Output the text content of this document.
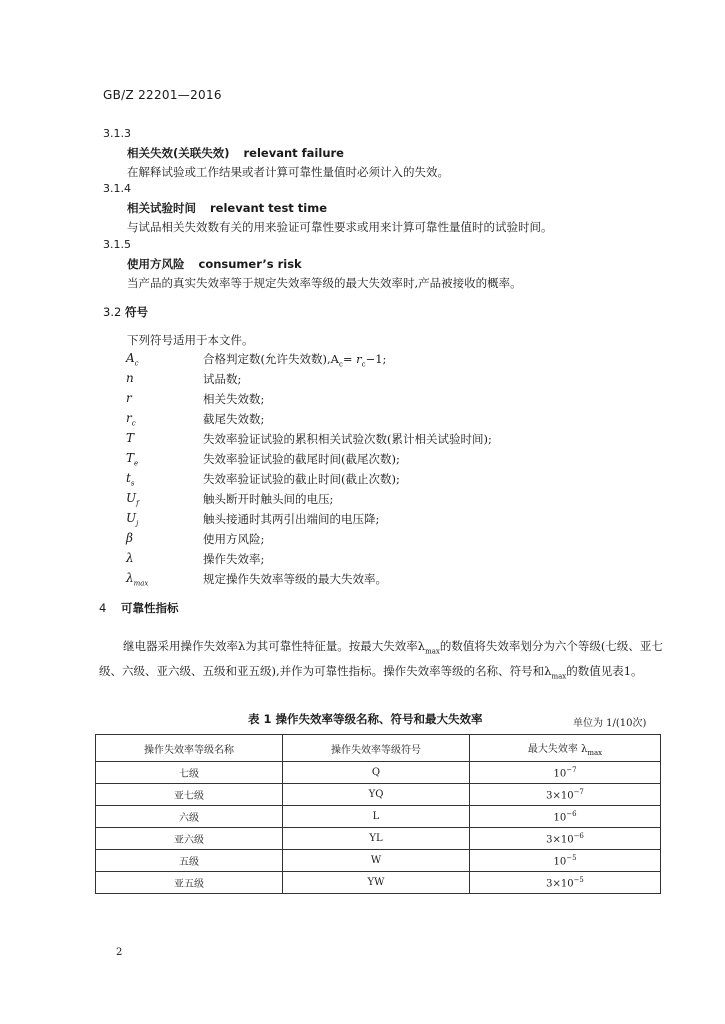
GB/Z 22201—2016
3.1.3
相关失效(关联失效) relevant failure
在解释试验或工作结果或者计算可靠性量值时必须计入的失效。
3.1.4
相关试验时间 relevant test time
与试品相关失效数有关的用来验证可靠性要求或用来计算可靠性量值时的试验时间。
3.1.5
使用方风险 consumer’s risk
当产品的真实失效率等于规定失效率等级的最大失效率时,产品被接收的概率。
3.2 符号
下列符号适用于本文件。
$A_c$	合格判定数(允许失效数)$,A_c= r_c-1$;
n	试品数;
r	相关失效数;
$r_c$	截尾失效数;
T	失效率验证试验的累积相关试验次数(累计相关试验时间);
$T_e$	失效率验证试验的截尾时间(截尾次数);
$t_s$	失效率验证试验的截止时间(截止次数);
$U_f$	触头断开时触头间的电压;
$U_j$	触头接通时其两引出端间的电压降;
β	使用方风险;
λ	操作失效率;
$\lambda_{max}$	规定操作失效率等级的最大失效率。
4 可靠性指标
继电器采用操作失效率λ为其可靠性特征量。按最大失效率$\lambda_{max}$的数值将失效率划分为六个等级(七级、亚七级、六级、亚六级、五级和亚五级),并作为可靠性指标。操作失效率等级的名称、符号和$\lambda_{max}$的数值见表1。
表 1 操作失效率等级名称、符号和最大失效率	单位为 1/(10次)
操作失效率等级名称	操作失效率等级符号	最大失效率 $\lambda_{max}$
七级	Q	$10^{-7}$
亚七级	YQ	$3\times 10^{-7}$
六级	L	$10^{-6}$
亚六级	YL	$3\times 10^{-6}$
五级	W	$10^{-5}$
亚五级	YW	$3\times 10^{-5}$
2
